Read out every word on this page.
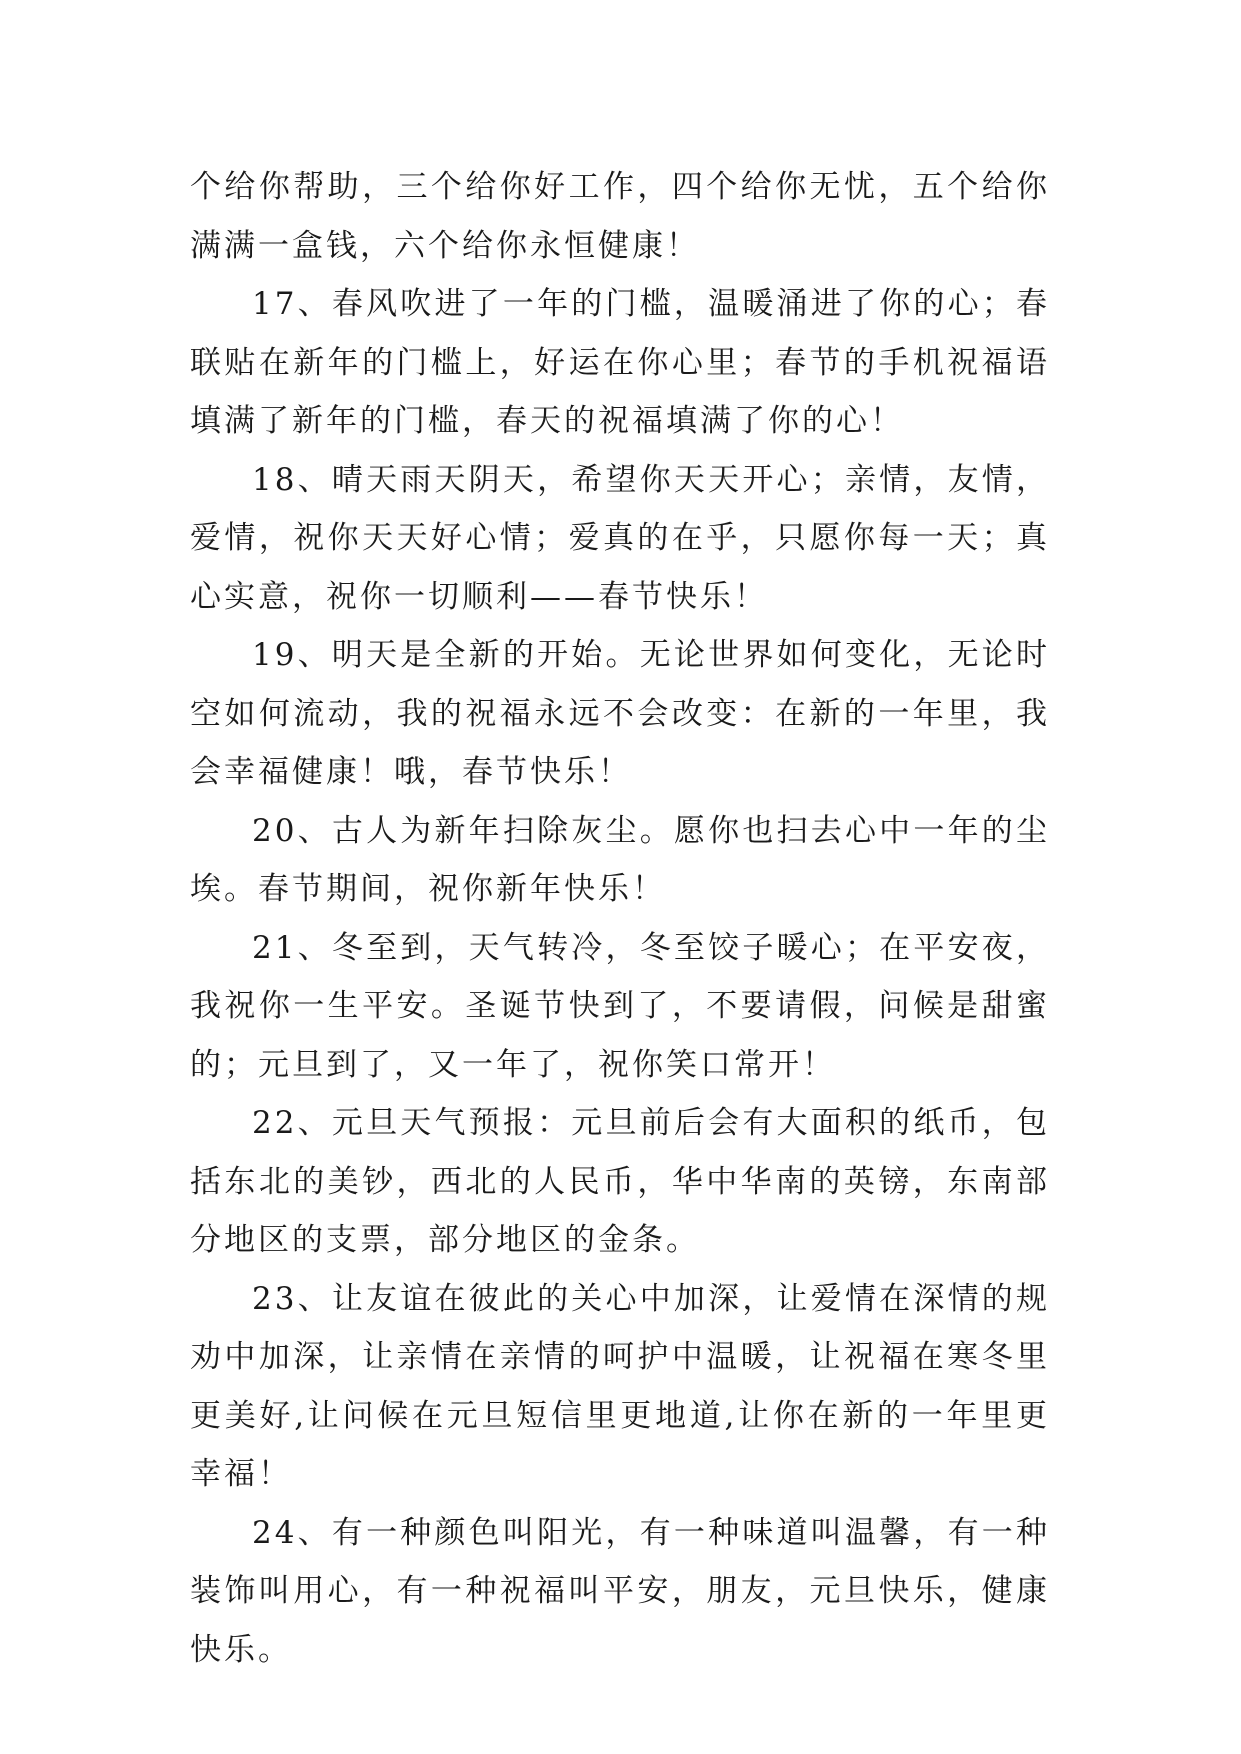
个给你帮助，三个给你好工作，四个给你无忧，五个给你满满一盒钱，六个给你永恒健康！

17、春风吹进了一年的门槛，温暖涌进了你的心；春联贴在新年的门槛上，好运在你心里；春节的手机祝福语填满了新年的门槛，春天的祝福填满了你的心！

18、晴天雨天阴天，希望你天天开心；亲情，友情，爱情，祝你天天好心情；爱真的在乎，只愿你每一天；真心实意，祝你一切顺利——春节快乐！

19、明天是全新的开始。无论世界如何变化，无论时空如何流动，我的祝福永远不会改变：在新的一年里，我会幸福健康！哦，春节快乐！

20、古人为新年扫除灰尘。愿你也扫去心中一年的尘埃。春节期间，祝你新年快乐！

21、冬至到，天气转冷，冬至饺子暖心；在平安夜，我祝你一生平安。圣诞节快到了，不要请假，问候是甜蜜的；元旦到了，又一年了，祝你笑口常开！

22、元旦天气预报：元旦前后会有大面积的纸币，包括东北的美钞，西北的人民币，华中华南的英镑，东南部分地区的支票，部分地区的金条。

23、让友谊在彼此的关心中加深，让爱情在深情的规劝中加深，让亲情在亲情的呵护中温暖，让祝福在寒冬里更美好,让问候在元旦短信里更地道,让你在新的一年里更幸福！

24、有一种颜色叫阳光，有一种味道叫温馨，有一种装饰叫用心，有一种祝福叫平安，朋友，元旦快乐，健康快乐。
